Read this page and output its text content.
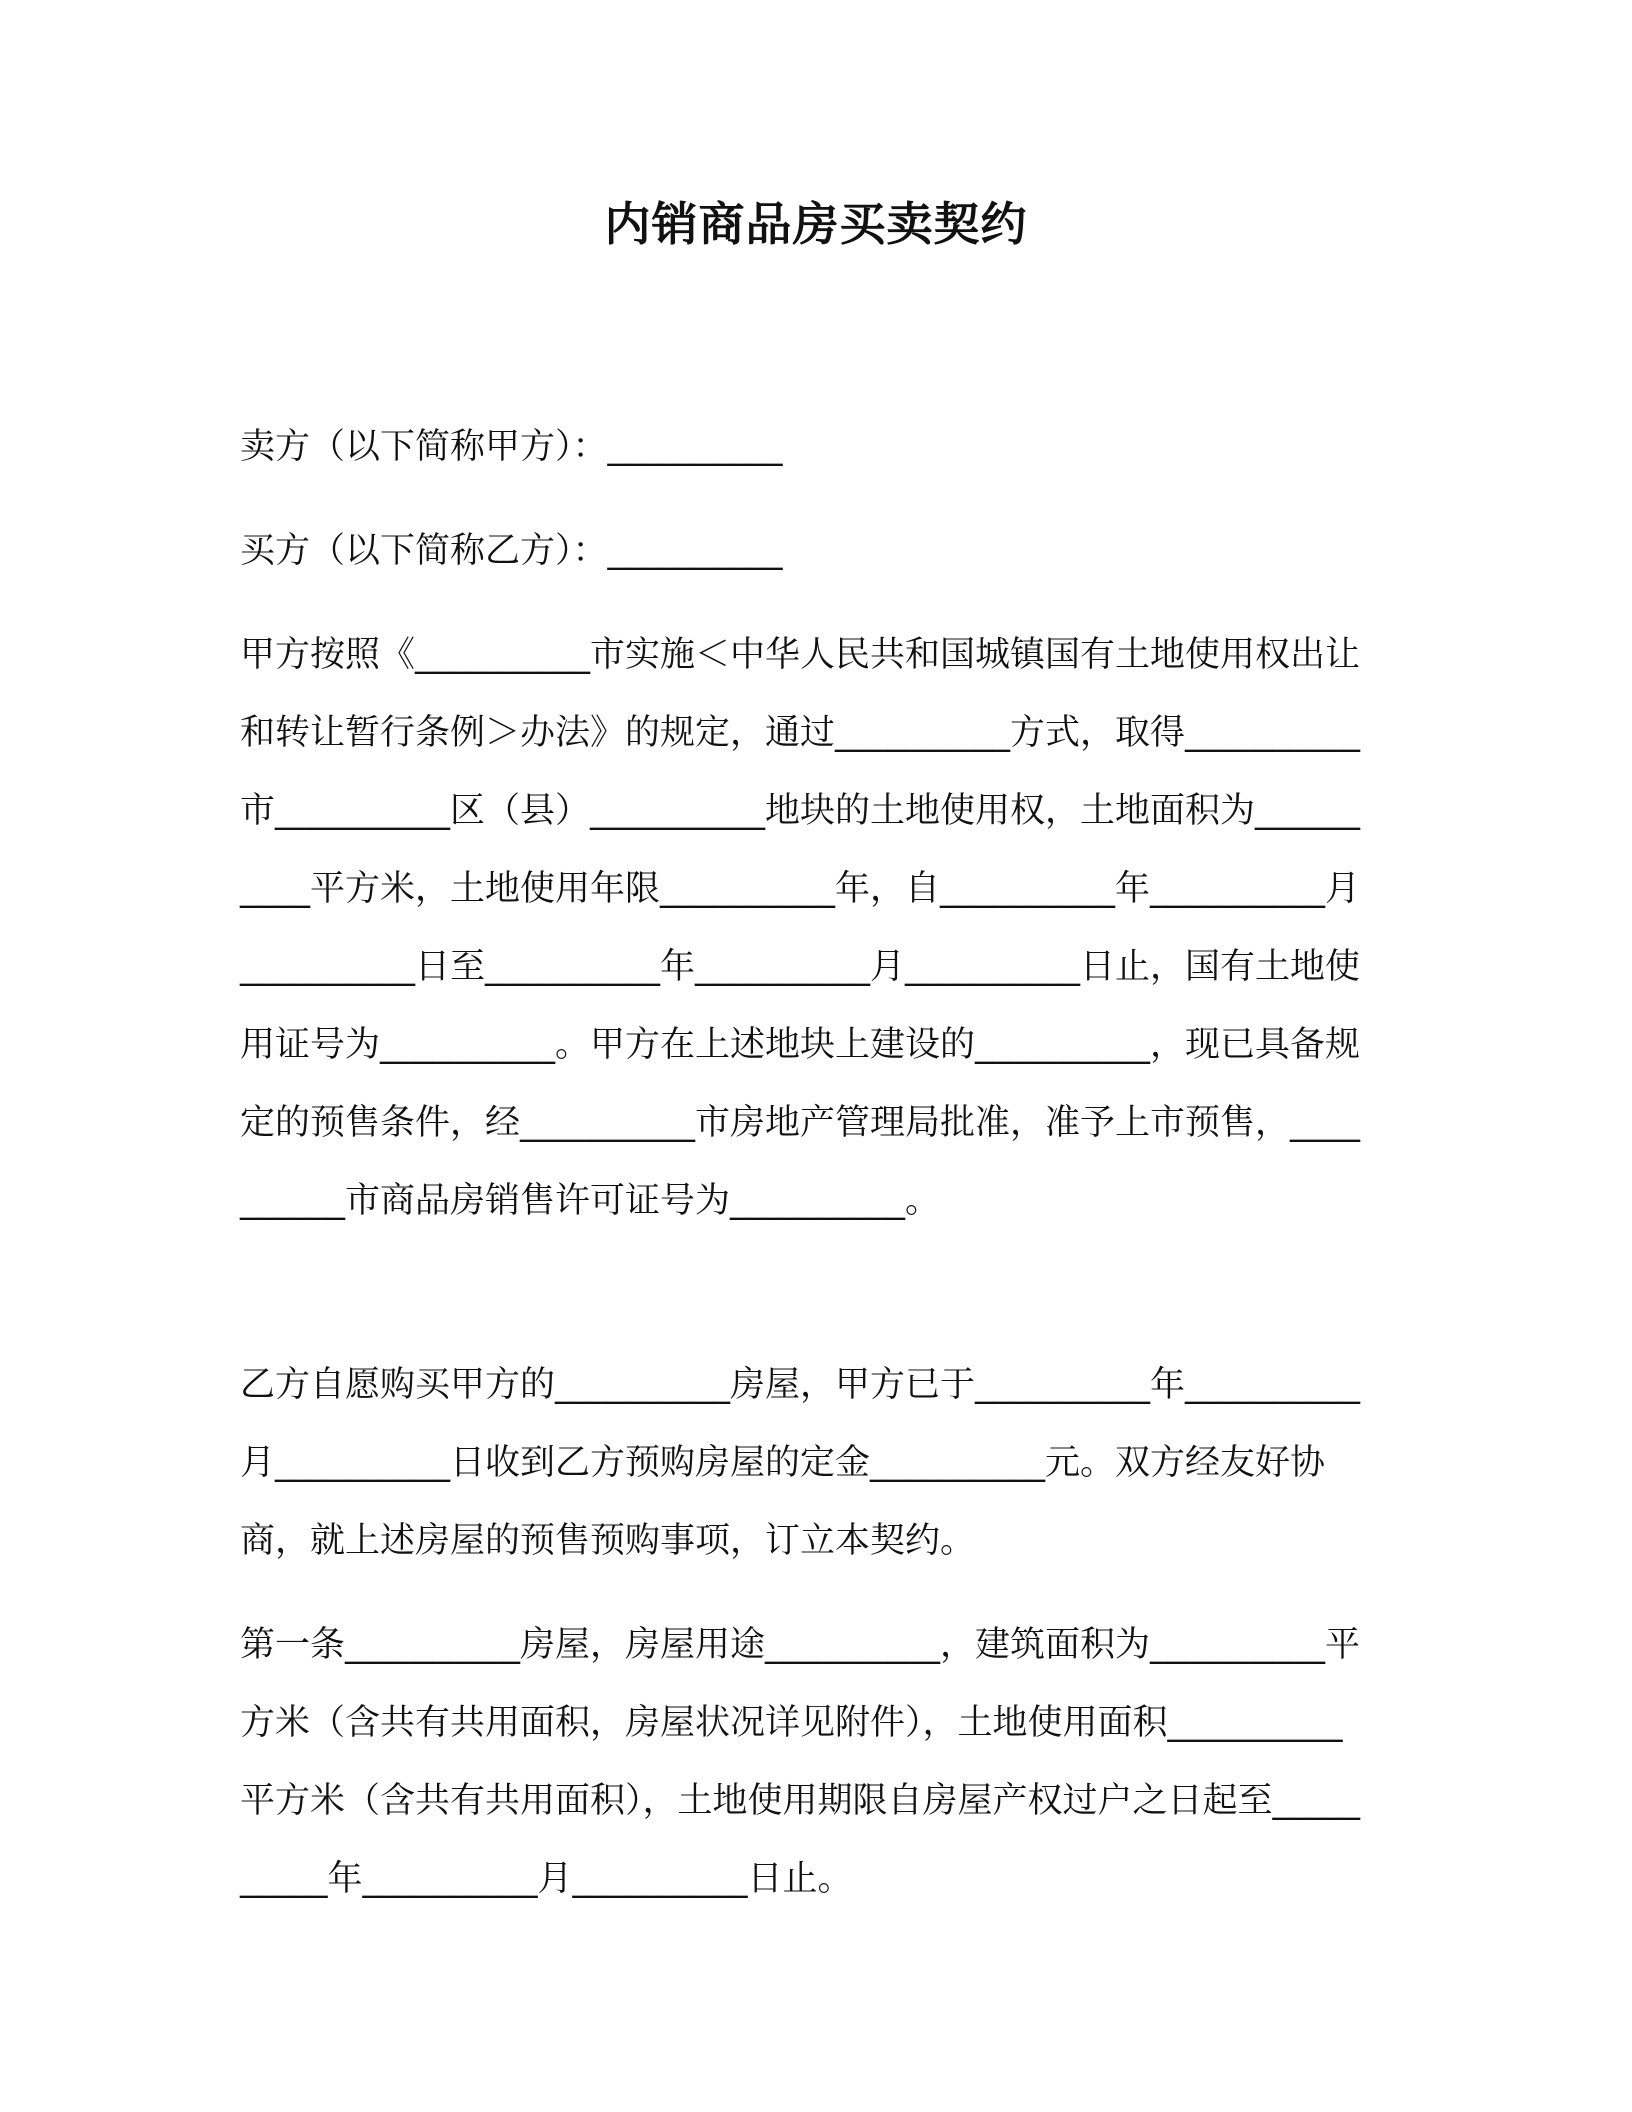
内销商品房买卖契约

卖方（以下简称甲方）：__________

买方（以下简称乙方）：__________

甲方按照《__________市实施＜中华人民共和国城镇国有土地使用权出让和转让暂行条例＞办法》的规定，通过__________方式，取得__________市__________区（县）__________地块的土地使用权，土地面积为__________平方米，土地使用年限__________年，自__________年__________月__________日至__________年__________月__________日止，国有土地使用证号为__________。甲方在上述地块上建设的__________，现已具备规定的预售条件，经__________市房地产管理局批准，准予上市预售，__________市商品房销售许可证号为__________。

乙方自愿购买甲方的__________房屋，甲方已于__________年__________月__________日收到乙方预购房屋的定金__________元。双方经友好协商，就上述房屋的预售预购事项，订立本契约。

第一条__________房屋，房屋用途__________，建筑面积为__________平方米（含共有共用面积，房屋状况详见附件），土地使用面积__________平方米（含共有共用面积），土地使用期限自房屋产权过户之日起至__________年__________月__________日止。
